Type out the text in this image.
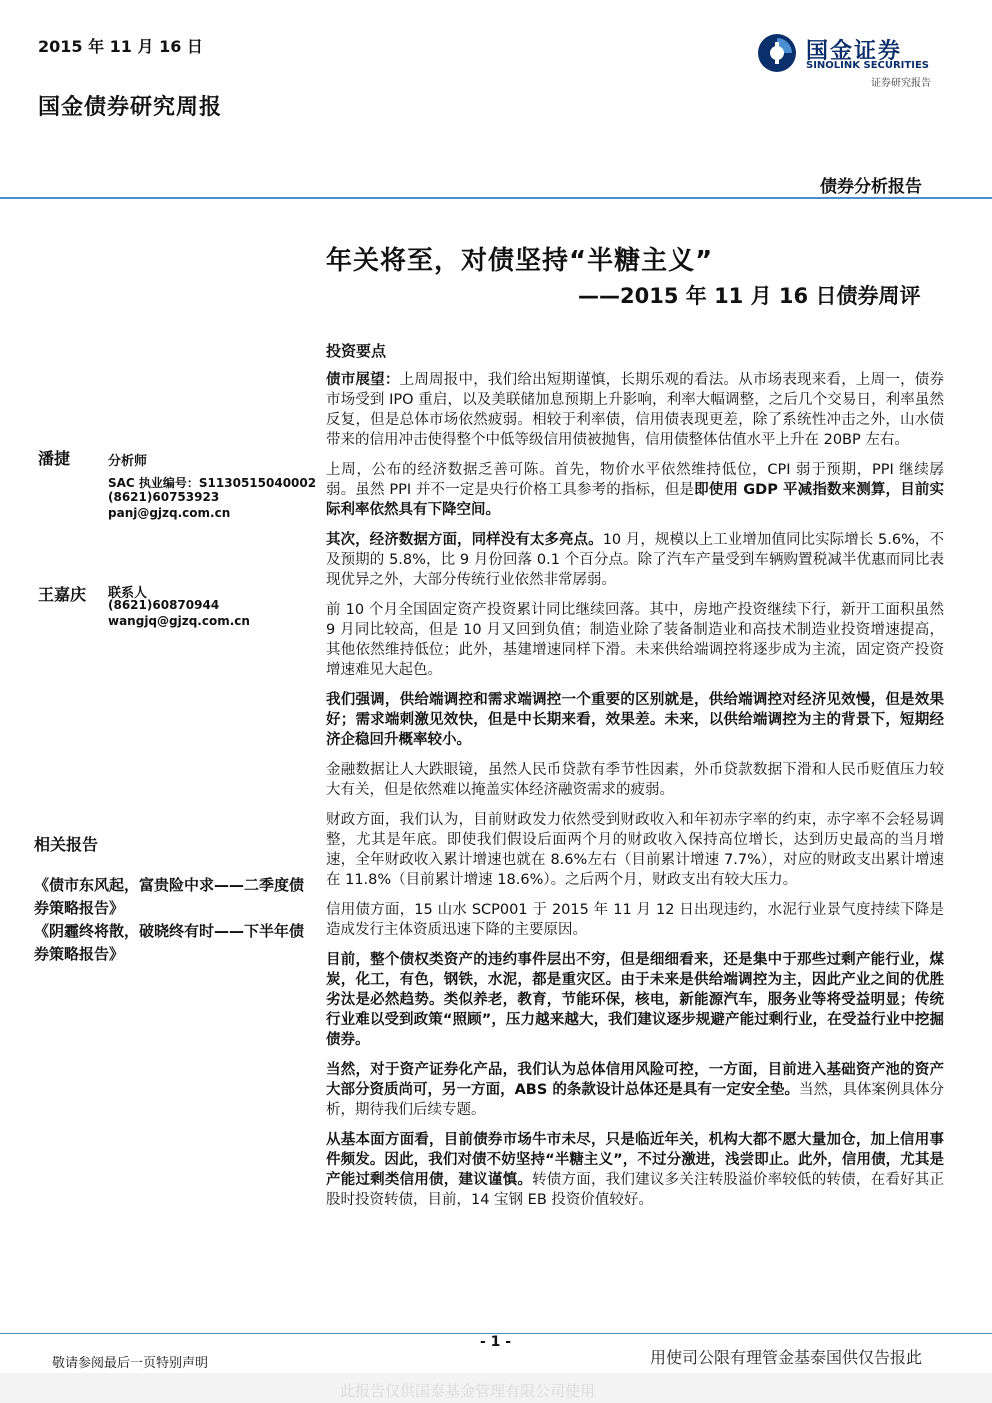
2015 年 11 月 16 日
国金债券研究周报
国金证券
SINOLINK SECURITIES
证券研究报告
债券分析报告
年关将至，对债坚持“半糖主义”
——2015 年 11 月 16 日债券周评
投资要点

债市展望：上周周报中，我们给出短期谨慎，长期乐观的看法。从市场表现来看，上周一，债券市场受到 IPO 重启，以及美联储加息预期上升影响，利率大幅调整，之后几个交易日，利率虽然反复，但是总体市场依然疲弱。相较于利率债，信用债表现更差，除了系统性冲击之外，山水债带来的信用冲击使得整个中低等级信用债被抛售，信用债整体估值水平上升在 20BP 左右。

上周，公布的经济数据乏善可陈。首先，物价水平依然维持低位，CPI 弱于预期，PPI 继续孱弱。虽然 PPI 并不一定是央行价格工具参考的指标，但是即使用 GDP 平减指数来测算，目前实际利率依然具有下降空间。

其次，经济数据方面，同样没有太多亮点。10 月，规模以上工业增加值同比实际增长 5.6%，不及预期的 5.8%，比 9 月份回落 0.1 个百分点。除了汽车产量受到车辆购置税减半优惠而同比表现优异之外，大部分传统行业依然非常孱弱。

前 10 个月全国固定资产投资累计同比继续回落。其中，房地产投资继续下行，新开工面积虽然 9 月同比较高，但是 10 月又回到负值；制造业除了装备制造业和高技术制造业投资增速提高，其他依然维持低位；此外，基建增速同样下滑。未来供给端调控将逐步成为主流，固定资产投资增速难见大起色。

我们强调，供给端调控和需求端调控一个重要的区别就是，供给端调控对经济见效慢，但是效果好；需求端刺激见效快，但是中长期来看，效果差。未来，以供给端调控为主的背景下，短期经济企稳回升概率较小。

金融数据让人大跌眼镜，虽然人民币贷款有季节性因素，外币贷款数据下滑和人民币贬值压力较大有关，但是依然难以掩盖实体经济融资需求的疲弱。

财政方面，我们认为，目前财政发力依然受到财政收入和年初赤字率的约束，赤字率不会轻易调整，尤其是年底。即使我们假设后面两个月的财政收入保持高位增长，达到历史最高的当月增速，全年财政收入累计增速也就在 8.6%左右（目前累计增速 7.7%），对应的财政支出累计增速在 11.8%（目前累计增速 18.6%）。之后两个月，财政支出有较大压力。

信用债方面，15 山水 SCP001 于 2015 年 11 月 12 日出现违约，水泥行业景气度持续下降是造成发行主体资质迅速下降的主要原因。

目前，整个债权类资产的违约事件层出不穷，但是细细看来，还是集中于那些过剩产能行业，煤炭，化工，有色，钢铁，水泥，都是重灾区。由于未来是供给端调控为主，因此产业之间的优胜劣汰是必然趋势。类似养老，教育，节能环保，核电，新能源汽车，服务业等将受益明显；传统行业难以受到政策“照顾”，压力越来越大，我们建议逐步规避产能过剩行业，在受益行业中挖掘债券。

当然，对于资产证券化产品，我们认为总体信用风险可控，一方面，目前进入基础资产池的资产大部分资质尚可，另一方面，ABS 的条款设计总体还是具有一定安全垫。当然，具体案例具体分析，期待我们后续专题。

从基本面方面看，目前债券市场牛市未尽，只是临近年关，机构大都不愿大量加仓，加上信用事件频发。因此，我们对债不妨坚持“半糖主义”，不过分激进，浅尝即止。此外，信用债，尤其是产能过剩类信用债，建议谨慎。转债方面，我们建议多关注转股溢价率较低的转债，在看好其正股时投资转债，目前，14 宝钢 EB 投资价值较好。

潘捷	分析师
SAC 执业编号：S1130515040002
(8621)60753923
panj@gjzq.com.cn
王嘉庆 联系人
(8621)60870944
wangjq@gjzq.com.cn
相关报告
《债市东风起，富贵险中求——二季度债券策略报告》
《阴霾终将散，破晓终有时——下半年债券策略报告》
- 1 -
敬请参阅最后一页特别声明	用使司公限有理管金基泰国供仅告报此
此报告仅供国泰基金管理有限公司使用
